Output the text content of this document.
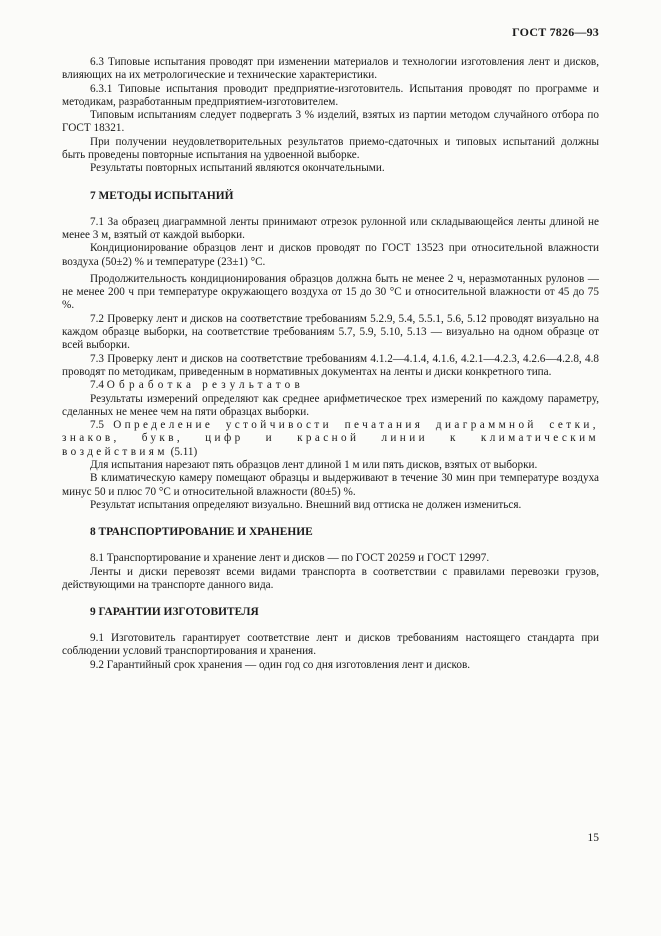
ГОСТ 7826—93

6.3 Типовые испытания проводят при изменении материалов и технологии изготовления лент и дисков, влияющих на их метрологические и технические характеристики.

6.3.1 Типовые испытания проводит предприятие-изготовитель. Испытания проводят по программе и методикам, разработанным предприятием-изготовителем.

Типовым испытаниям следует подвергать 3 % изделий, взятых из партии методом случайного отбора по ГОСТ 18321.

При получении неудовлетворительных результатов приемо-сдаточных и типовых испытаний должны быть проведены повторные испытания на удвоенной выборке.

Результаты повторных испытаний являются окончательными.

7 МЕТОДЫ ИСПЫТАНИЙ

7.1 За образец диаграммной ленты принимают отрезок рулонной или складывающейся ленты длиной не менее 3 м, взятый от каждой выборки.

Кондиционирование образцов лент и дисков проводят по ГОСТ 13523 при относительной влажности воздуха (50±2) % и температуре (23±1) °С.

Продолжительность кондиционирования образцов должна быть не менее 2 ч, неразмотанных рулонов — не менее 200 ч при температуре окружающего воздуха от 15 до 30 °С и относительной влажности от 45 до 75 %.

7.2 Проверку лент и дисков на соответствие требованиям 5.2.9, 5.4, 5.5.1, 5.6, 5.12 проводят визуально на каждом образце выборки, на соответствие требованиям 5.7, 5.9, 5.10, 5.13 — визуально на одном образце от всей выборки.

7.3 Проверку лент и дисков на соответствие требованиям 4.1.2—4.1.4, 4.1.6, 4.2.1—4.2.3, 4.2.6—4.2.8, 4.8 проводят по методикам, приведенным в нормативных документах на ленты и диски конкретного типа.

7.4 Обработка результатов

Результаты измерений определяют как среднее арифметическое трех измерений по каждому параметру, сделанных не менее чем на пяти образцах выборки.

7.5 Определение устойчивости печатания диаграммной сетки, знаков, букв, цифр и красной линии к климатическим воздействиям (5.11)

Для испытания нарезают пять образцов лент длиной 1 м или пять дисков, взятых от выборки.

В климатическую камеру помещают образцы и выдерживают в течение 30 мин при температуре воздуха минус 50 и плюс 70 °С и относительной влажности (80±5) %.

Результат испытания определяют визуально. Внешний вид оттиска не должен измениться.

8 ТРАНСПОРТИРОВАНИЕ И ХРАНЕНИЕ

8.1 Транспортирование и хранение лент и дисков — по ГОСТ 20259 и ГОСТ 12997.

Ленты и диски перевозят всеми видами транспорта в соответствии с правилами перевозки грузов, действующими на транспорте данного вида.

9 ГАРАНТИИ ИЗГОТОВИТЕЛЯ

9.1 Изготовитель гарантирует соответствие лент и дисков требованиям настоящего стандарта при соблюдении условий транспортирования и хранения.

9.2 Гарантийный срок хранения — один год со дня изготовления лент и дисков.

15
